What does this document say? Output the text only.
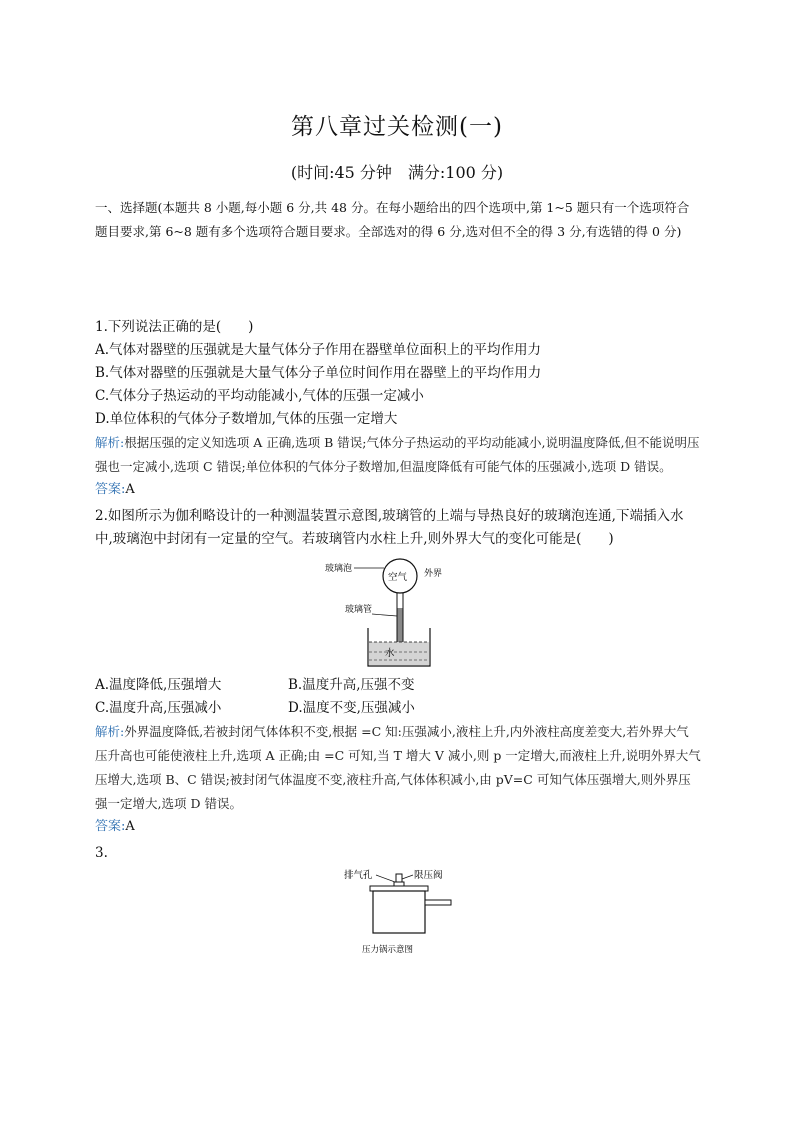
第八章过关检测(一)
(时间:45 分钟　满分:100 分)
一、选择题(本题共 8 小题,每小题 6 分,共 48 分。在每小题给出的四个选项中,第 1~5 题只有一个选项符合题目要求,第 6~8 题有多个选项符合题目要求。全部选对的得 6 分,选对但不全的得 3 分,有选错的得 0 分)
1.下列说法正确的是(　　)
A.气体对器壁的压强就是大量气体分子作用在器壁单位面积上的平均作用力
B.气体对器壁的压强就是大量气体分子单位时间作用在器壁上的平均作用力
C.气体分子热运动的平均动能减小,气体的压强一定减小
D.单位体积的气体分子数增加,气体的压强一定增大
解析:根据压强的定义知选项 A 正确,选项 B 错误;气体分子热运动的平均动能减小,说明温度降低,但不能说明压强也一定减小,选项 C 错误;单位体积的气体分子数增加,但温度降低有可能气体的压强减小,选项 D 错误。
答案:A
2.如图所示为伽利略设计的一种测温装置示意图,玻璃管的上端与导热良好的玻璃泡连通,下端插入水中,玻璃泡中封闭有一定量的空气。若玻璃管内水柱上升,则外界大气的变化可能是(　　)
空气
玻璃泡	外界
玻璃管
水
A.温度降低,压强增大	B.温度升高,压强不变
C.温度升高,压强减小	D.温度不变,压强减小
解析:外界温度降低,若被封闭气体体积不变,根据 =C 知:压强减小,液柱上升,内外液柱高度差变大,若外界大气压升高也可能使液柱上升,选项 A 正确;由 =C 可知,当 T 增大 V 减小,则 p 一定增大,而液柱上升,说明外界大气压增大,选项 B、C 错误;被封闭气体温度不变,液柱升高,气体体积减小,由 pV=C 可知气体压强增大,则外界压强一定增大,选项 D 错误。
答案:A
3.
排气孔	限压阀
压力锅示意图
